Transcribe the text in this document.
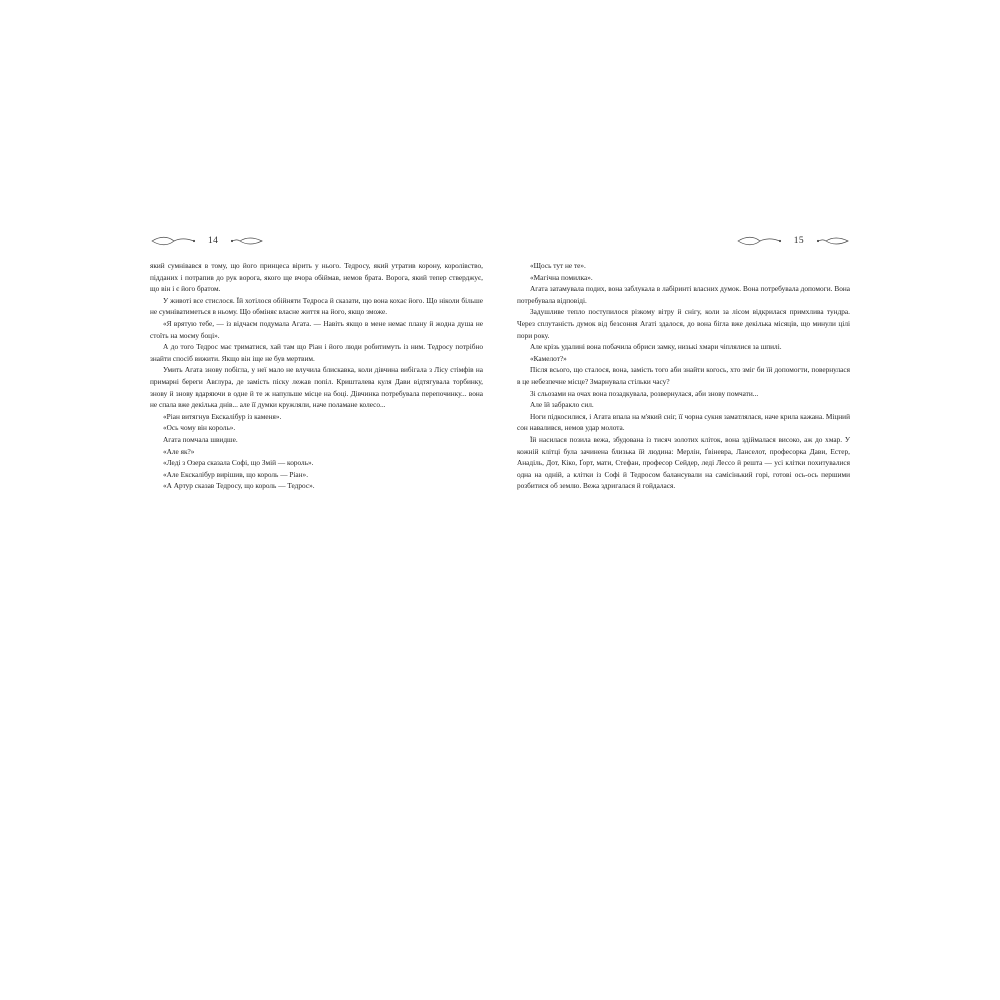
14

який сумнівався в тому, що його принцеса вірить у нього. Тедросу, який утратив корону, королівство, підданих і потрапив до рук ворога, якого ще вчора обіймав, немов брата. Ворога, який тепер стверджує, що він і є його братом.

У животі все стислося. Їй хотілося обійняти Тедроса й сказати, що вона кохає його. Що ніколи більше не сумніватиметься в ньому. Що обміняє власне життя на його, якщо зможе.

«Я врятую тебе, — із відчаєм подумала Агата. — Навіть якщо в мене немає плану й жодна душа не стоїть на моєму боці».

А до того Тедрос має триматися, хай там що Ріан і його люди робитимуть із ним. Тедросу потрібно знайти спосіб вижити. Якщо він іще не був мертвим.

Умить Агата знову побігла, у неї мало не влучила блискавка, коли дівчина вибігала з Лісу стімфів на примарні береги Авґлура, де замість піску лежав попіл. Кришталева куля Дави відтягувала торбинку, знову й знову вдаряючи в одне й те ж напульше місце на боці. Дівчинка потребувала перепочинку... вона не спала вже декілька днів... але її думки кружляли, наче поламане колесо...

«Ріан витягнув Екскалібур із каменя».

«Ось чому він король».

Агата помчала швидше.

«Але як?»

«Леді з Озера сказала Софі, що Змій — король».

«Але Екскалібур вирішив, що король — Ріан».

«А Артур сказав Тедросу, що король — Тедрос».

15

«Щось тут не те».

«Магічна помилка».

Агата затамувала подих, вона заблукала в лабіринті власних думок. Вона потребувала допомоги. Вона потребувала відповіді.

Задушливе тепло поступилося різкому вітру й снігу, коли за лісом відкрилася примхлива тундра. Через сплутаність думок від безсоння Агаті здалося, до вона бігла вже декілька місяців, що минули цілі пори року.

Але крізь удалині вона побачила обриси замку, низькі хмари чіплялися за шпилі.

«Камелот?»

Після всього, що сталося, вона, замість того аби знайти когось, хто зміг би їй допомогти, повернулася в це небезпечне місце? Змарнувала стільки часу?

Зі сльозами на очах вона позадкувала, розвернулася, аби знову помчати...

Але їй забракло сил.

Ноги підкосилися, і Агата впала на м'який сніг, її чорна сукня заматлялася, наче крила кажана. Міцний сон навалився, немов удар молота.

Їй насилася позила вежа, збудована із тисяч золотих кліток, вона здіймалася високо, аж до хмар. У кожній клітці була зачинена близька їй людина: Мерлін, Ґвіневра, Ланселот, професорка Дави, Естер, Анаділь, Дот, Кіко, Ґорт, мати, Стефан, професор Сейдер, леді Лессо й решта — усі клітки похитувалися одна на одній, а клітки із Софі й Тедросом балансували на самісінький горі, готові ось-ось першими розбитися об землю. Вежа здригалася й гойдалася.
